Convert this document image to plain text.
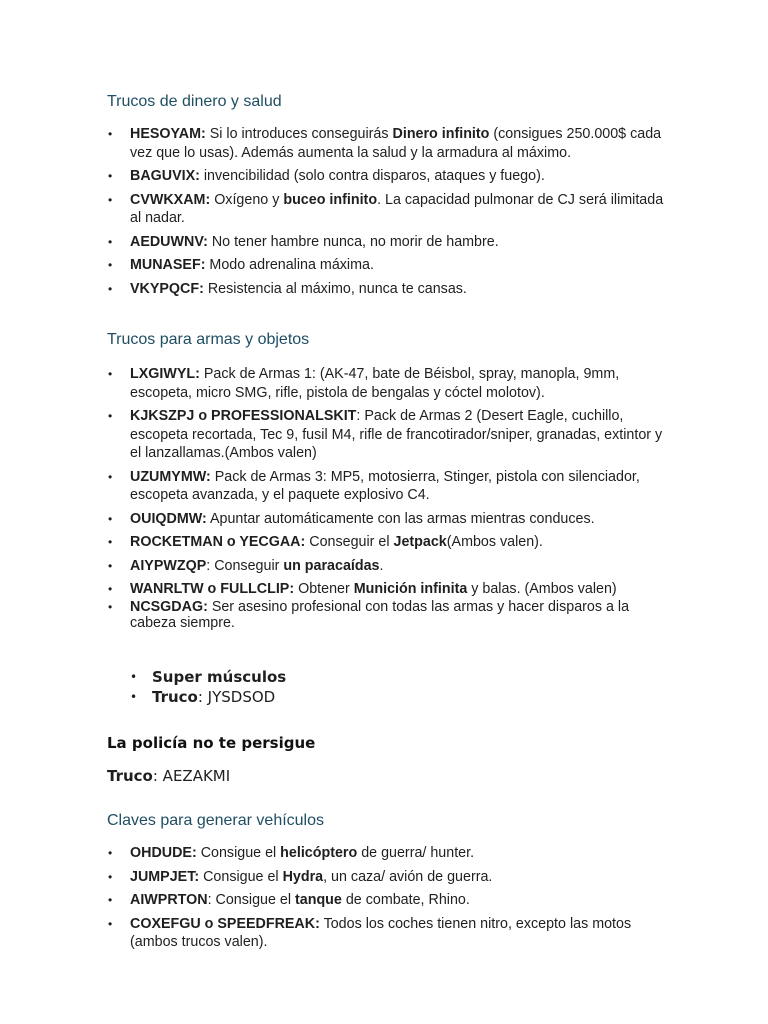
Trucos de dinero y salud
• HESOYAM: Si lo introduces conseguirás Dinero infinito (consigues 250.000$ cada vez que lo usas). Además aumenta la salud y la armadura al máximo.
• BAGUVIX: invencibilidad (solo contra disparos, ataques y fuego).
• CVWKXAM: Oxígeno y buceo infinito. La capacidad pulmonar de CJ será ilimitada al nadar.
• AEDUWNV: No tener hambre nunca, no morir de hambre.
• MUNASEF: Modo adrenalina máxima.
• VKYPQCF: Resistencia al máximo, nunca te cansas.
Trucos para armas y objetos
• LXGIWYL: Pack de Armas 1: (AK-47, bate de Béisbol, spray, manopla, 9mm, escopeta, micro SMG, rifle, pistola de bengalas y cóctel molotov).
• KJKSZPJ o PROFESSIONALSKIT: Pack de Armas 2 (Desert Eagle, cuchillo, escopeta recortada, Tec 9, fusil M4, rifle de francotirador/sniper, granadas, extintor y el lanzallamas.(Ambos valen)
• UZUMYMW: Pack de Armas 3: MP5, motosierra, Stinger, pistola con silenciador, escopeta avanzada, y el paquete explosivo C4.
• OUIQDMW: Apuntar automáticamente con las armas mientras conduces.
• ROCKETMAN o YECGAA: Conseguir el Jetpack(Ambos valen).
• AIYPWZQP: Conseguir un paracaídas.
• WANRLTW o FULLCLIP: Obtener Munición infinita y balas. (Ambos valen)
• NCSGDAG: Ser asesino profesional con todas las armas y hacer disparos a la cabeza siempre.
• Super músculos
• Truco: JYSDSOD
La policía no te persigue
Truco: AEZAKMI
Claves para generar vehículos
• OHDUDE: Consigue el helicóptero de guerra/ hunter.
• JUMPJET: Consigue el Hydra, un caza/ avión de guerra.
• AIWPRTON: Consigue el tanque de combate, Rhino.
• COXEFGU o SPEEDFREAK: Todos los coches tienen nitro, excepto las motos (ambos trucos valen).
